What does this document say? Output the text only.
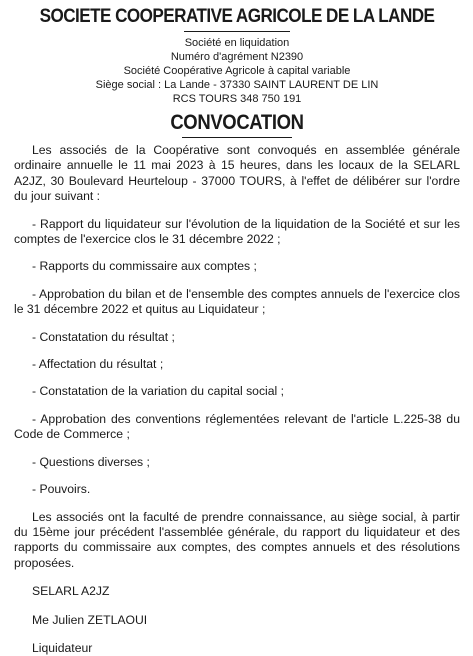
SOCIETE COOPERATIVE AGRICOLE DE LA LANDE
Société en liquidation
Numéro d'agrément N2390
Société Coopérative Agricole à capital variable
Siège social : La Lande - 37330 SAINT LAURENT DE LIN
RCS TOURS 348 750 191
CONVOCATION

Les associés de la Coopérative sont convoqués en assemblée générale ordinaire annuelle le 11 mai 2023 à 15 heures, dans les locaux de la SELARL A2JZ, 30 Boulevard Heurteloup - 37000 TOURS, à l'effet de délibérer sur l'ordre du jour suivant :

- Rapport du liquidateur sur l'évolution de la liquidation de la Société et sur les comptes de l'exercice clos le 31 décembre 2022 ;

- Rapports du commissaire aux comptes ;

- Approbation du bilan et de l'ensemble des comptes annuels de l'exercice clos le 31 décembre 2022 et quitus au Liquidateur ;

- Constatation du résultat ;

- Affectation du résultat ;

- Constatation de la variation du capital social ;

- Approbation des conventions réglementées relevant de l'article L.225-38 du Code de Commerce ;

- Questions diverses ;

- Pouvoirs.

Les associés ont la faculté de prendre connaissance, au siège social, à partir du 15ème jour précédent l'assemblée générale, du rapport du liquidateur et des rapports du commissaire aux comptes, des comptes annuels et des résolutions proposées.

SELARL A2JZ

Me Julien ZETLAOUI

Liquidateur
